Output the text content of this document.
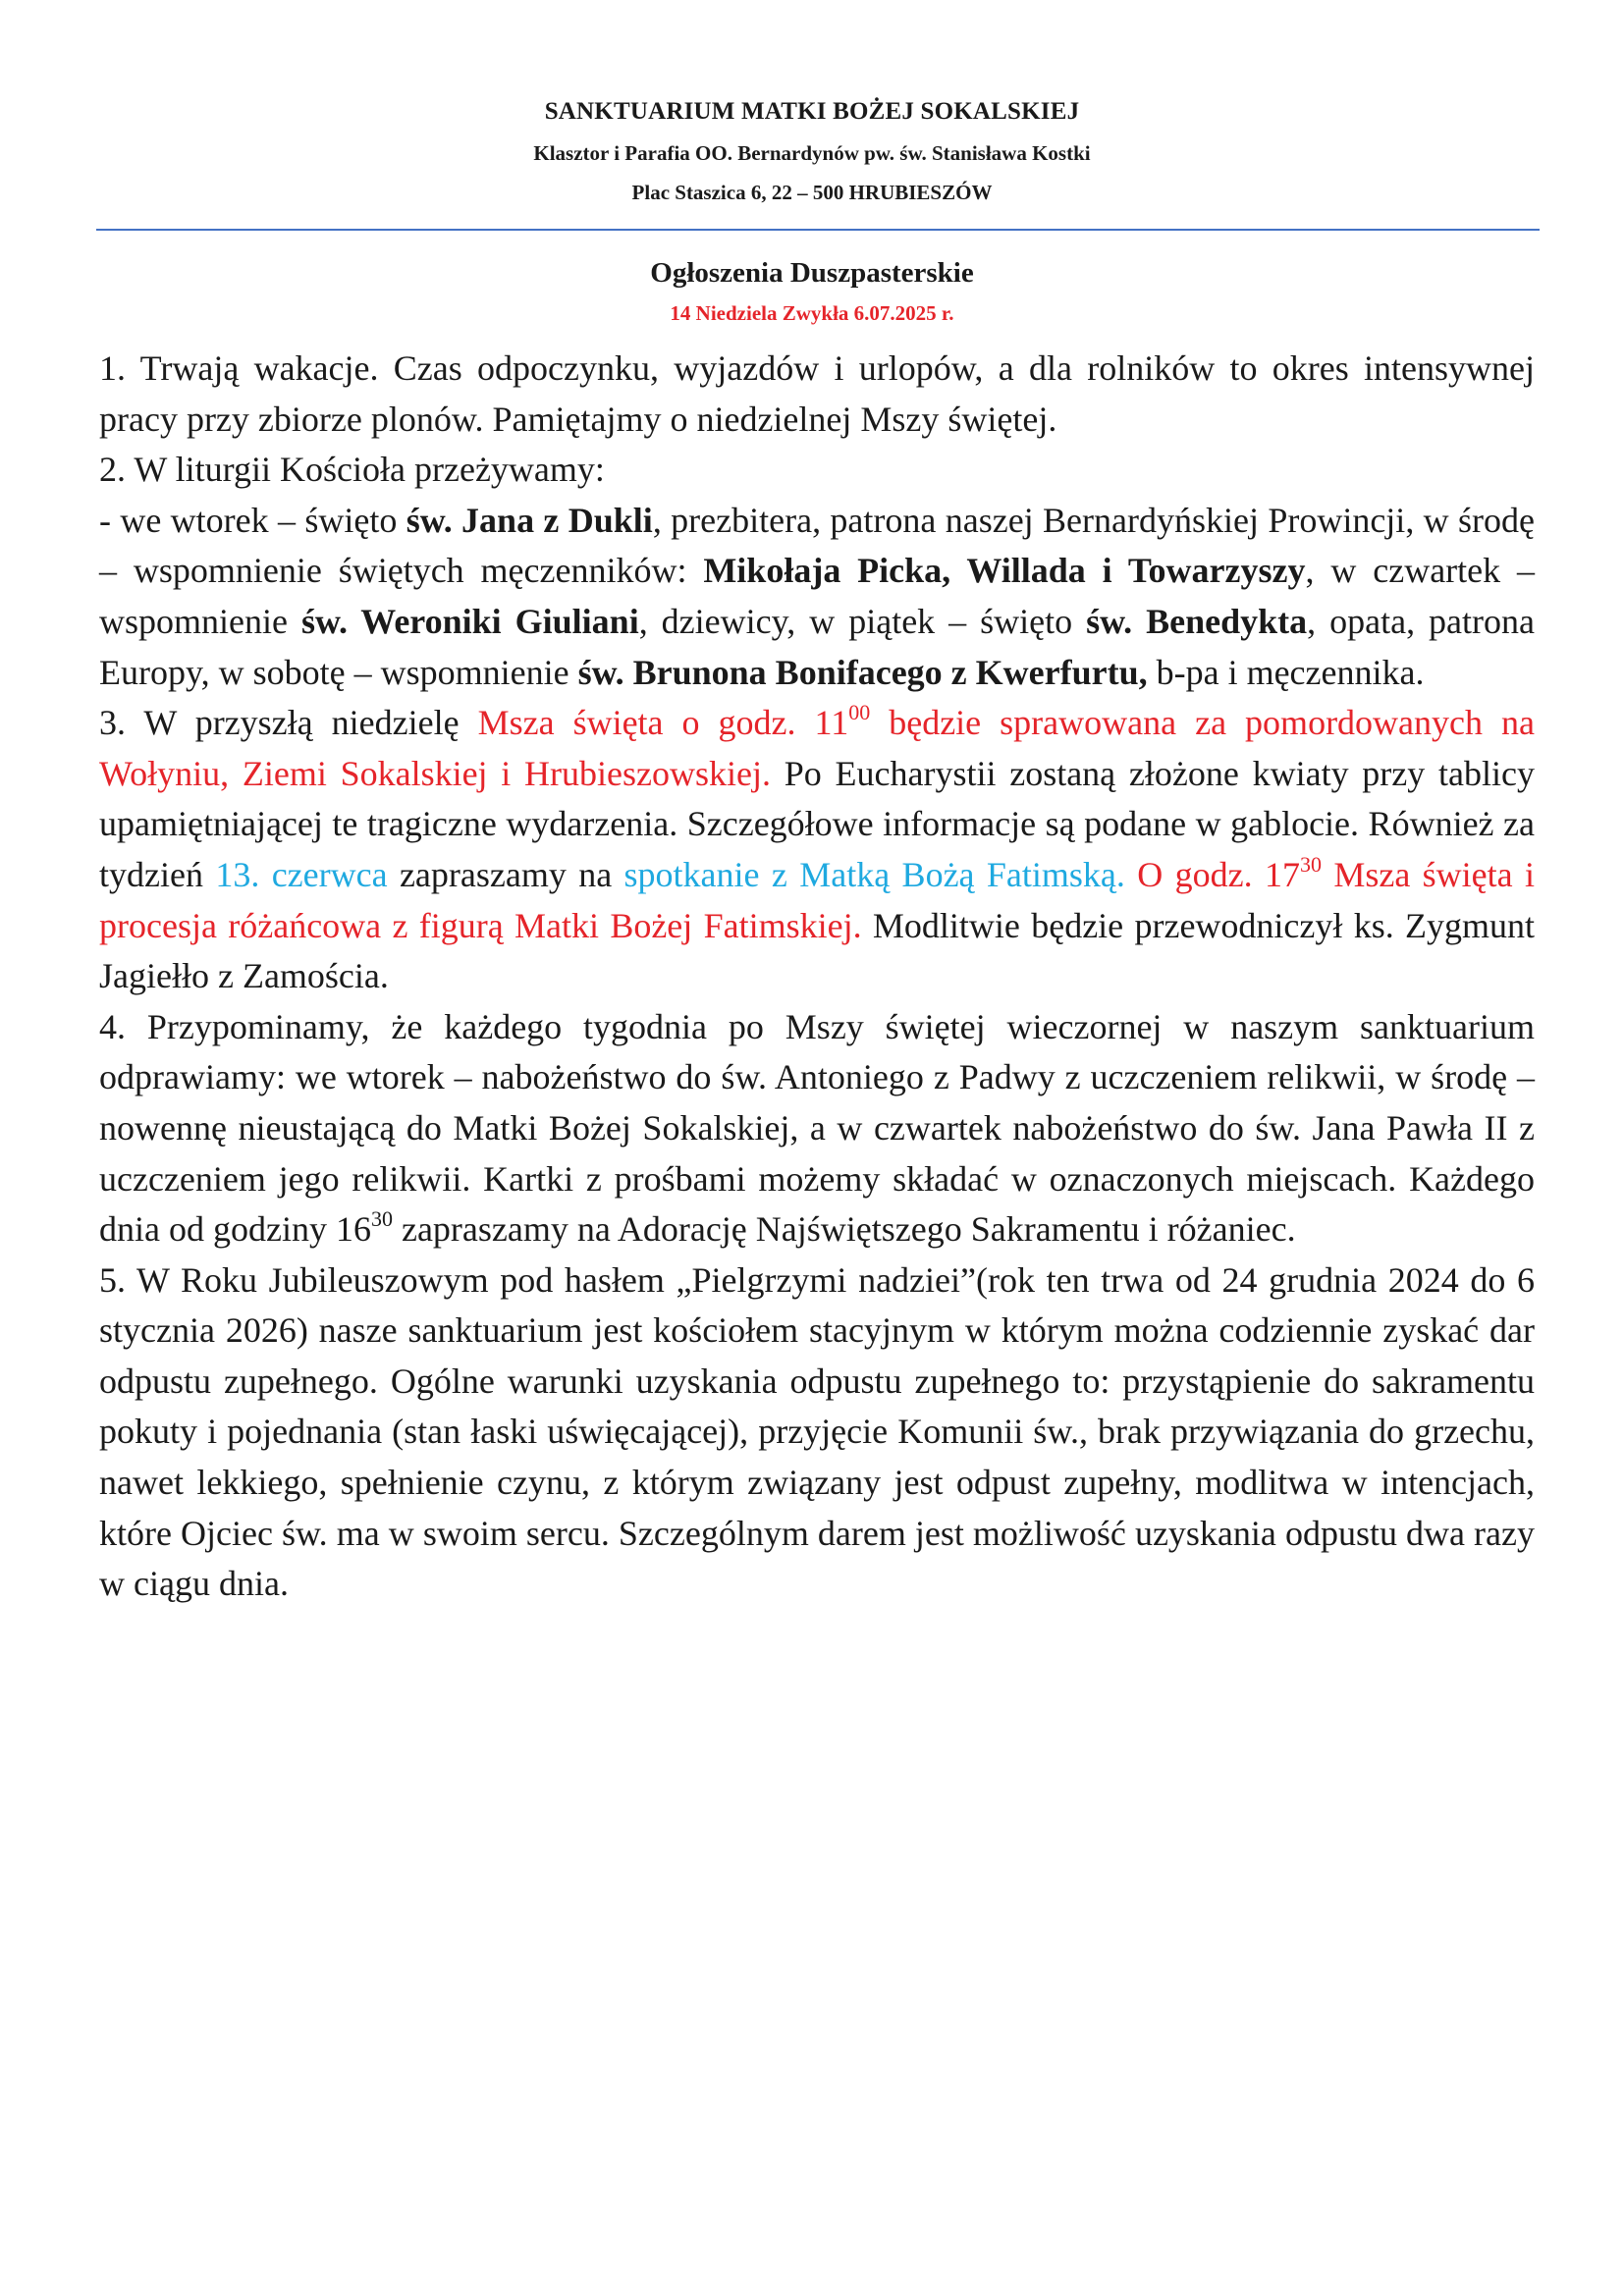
SANKTUARIUM MATKI BOŻEJ SOKALSKIEJ
Klasztor i Parafia OO. Bernardynów pw. św. Stanisława Kostki
Plac Staszica 6, 22 – 500 HRUBIESZÓW
Ogłoszenia Duszpasterskie
14 Niedziela Zwykła 6.07.2025 r.

1. Trwają wakacje. Czas odpoczynku, wyjazdów i urlopów, a dla rolników to okres intensywnej pracy przy zbiorze plonów. Pamiętajmy o niedzielnej Mszy świętej.

2. W liturgii Kościoła przeżywamy:

- we wtorek – święto św. Jana z Dukli, prezbitera, patrona naszej Bernardyńskiej Prowincji, w środę – wspomnienie świętych męczenników: Mikołaja Picka, Willada i Towarzyszy, w czwartek – wspomnienie św. Weroniki Giuliani, dziewicy, w piątek – święto św. Benedykta, opata, patrona Europy, w sobotę – wspomnienie św. Brunona Bonifacego z Kwerfurtu, b-pa i męczennika.

3. W przyszłą niedzielę Msza święta o godz. $11^{00}$ będzie sprawowana za pomordowanych na Wołyniu, Ziemi Sokalskiej i Hrubieszowskiej. Po Eucharystii zostaną złożone kwiaty przy tablicy upamiętniającej te tragiczne wydarzenia. Szczegółowe informacje są podane w gablocie. Również za tydzień 13. czerwca zapraszamy na spotkanie z Matką Bożą Fatimską. O godz. $17^{30}$ Msza święta i procesja różańcowa z figurą Matki Bożej Fatimskiej. Modlitwie będzie przewodniczył ks. Zygmunt Jagiełło z Zamościa.

4. Przypominamy, że każdego tygodnia po Mszy świętej wieczornej w naszym sanktuarium odprawiamy: we wtorek – nabożeństwo do św. Antoniego z Padwy z uczczeniem relikwii, w środę – nowennę nieustającą do Matki Bożej Sokalskiej, a w czwartek nabożeństwo do św. Jana Pawła II z uczczeniem jego relikwii. Kartki z prośbami możemy składać w oznaczonych miejscach. Każdego dnia od godziny $16^{30}$ zapraszamy na Adorację Najświętszego Sakramentu i różaniec.

5. W Roku Jubileuszowym pod hasłem „Pielgrzymi nadziei”(rok ten trwa od 24 grudnia 2024 do 6 stycznia 2026) nasze sanktuarium jest kościołem stacyjnym w którym można codziennie zyskać dar odpustu zupełnego. Ogólne warunki uzyskania odpustu zupełnego to: przystąpienie do sakramentu pokuty i pojednania (stan łaski uświęcającej), przyjęcie Komunii św., brak przywiązania do grzechu, nawet lekkiego, spełnienie czynu, z którym związany jest odpust zupełny, modlitwa w intencjach, które Ojciec św. ma w swoim sercu. Szczególnym darem jest możliwość uzyskania odpustu dwa razy w ciągu dnia.
